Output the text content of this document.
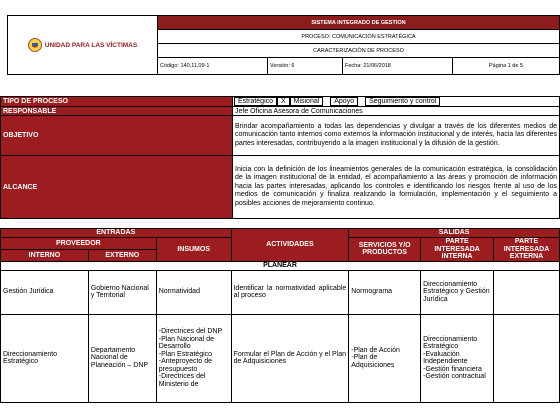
UNIDAD PARA LAS VÍCTIMAS	SISTEMA INTEGRADO DE GESTION			
	PROCESO: COMUNICACIÓN ESTRATÉGICA			
	CARACTERIZACIÓN DE PROCESO			
	Código: 140,11,09-1	Versión: 6	Fecha: 21/06/2018	Página 1 de 5
TIPO DE PROCESO	Estratégico X Misional Apoyo Seguimiento y control
RESPONSABLE	Jefe Oficina Asesora de Comunicaciones
OBJETIVO	Brindar acompañamiento a todas las dependencias y divulgar a través de los diferentes medios de comunicación tanto internos como externos la información institucional y de interés, hacia las diferentes partes interesadas, contribuyendo a la imagen institucional y la difusión de la gestión.
ALCANCE	Inicia con la definición de los lineamientos generales de la comunicación estratégica, la consolidación de la imagen institucional de la entidad, el acompañamiento a las áreas y promoción de información hacia las partes interesadas, aplicando los controles e identificando los riesgos frente al uso de los medios de comunicación y finaliza realizando la formulación, implementación y el seguimiento a posibles acciones de mejoramiento continuo.
ENTRADAS			ACTIVIDADES	SALIDAS		
PROVEEDOR		INSUMOS		SERVICIOS Y/O PRODUCTOS	PARTE INTERESADA INTERNA	PARTE INTERESADA EXTERNA
INTERNO	EXTERNO					
PLANEAR						
Gestión Jurídica	Gobierno Nacional y Territorial	Normatividad	Identificar la normatividad aplicable al proceso	Normograma	Direccionamiento Estratégico y Gestión Jurídica	
Direccionamiento Estratégico	Departamento Nacional de Planeación – DNP	-Directrices del DNP
-Plan Nacional de Desarrollo
-Plan Estratégico
-Anteproyecto de presupuesto
-Directrices del Ministerio de	Formular el Plan de Acción y el Plan de Adquisiciones	-Plan de Acción
-Plan de Adquisiciones	Direccionamiento Estratégico
-Evaluación Independiente
-Gestión financiera
-Gestión contractual	
